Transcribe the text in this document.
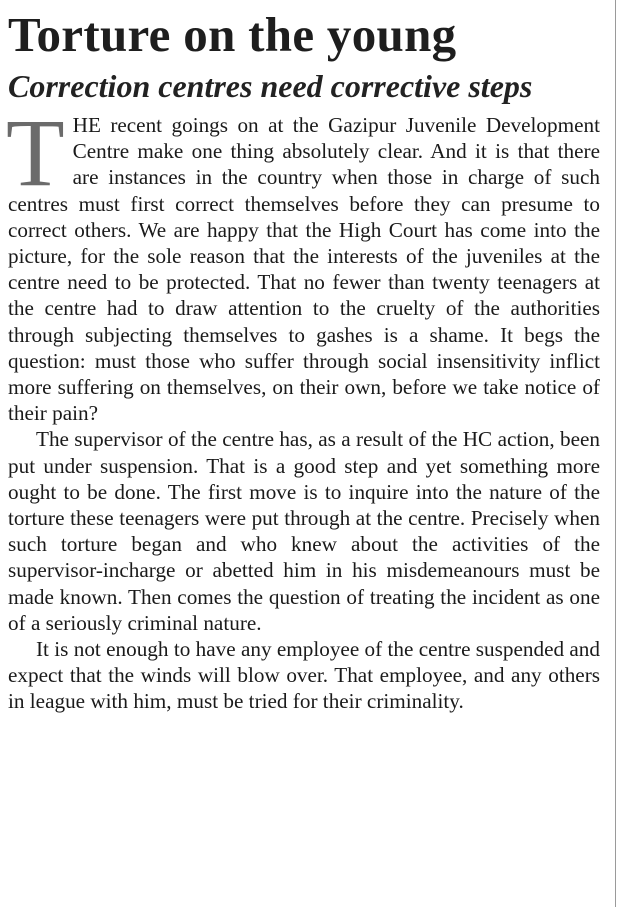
Torture on the young
Correction centres need corrective steps

THE recent goings on at the Gazipur Juvenile Development Centre make one thing absolutely clear. And it is that there are instances in the country when those in charge of such centres must first correct themselves before they can presume to correct others. We are happy that the High Court has come into the picture, for the sole reason that the interests of the juveniles at the centre need to be protected. That no fewer than twenty teenagers at the centre had to draw attention to the cruelty of the authorities through subjecting themselves to gashes is a shame. It begs the question: must those who suffer through social insensitivity inflict more suffering on themselves, on their own, before we take notice of their pain?

The supervisor of the centre has, as a result of the HC action, been put under suspension. That is a good step and yet something more ought to be done. The first move is to inquire into the nature of the torture these teenagers were put through at the centre. Precisely when such torture began and who knew about the activities of the supervisor-incharge or abetted him in his misdemeanours must be made known. Then comes the question of treating the incident as one of a seriously criminal nature.

It is not enough to have any employee of the centre suspended and expect that the winds will blow over. That employee, and any others in league with him, must be tried for their criminality.
